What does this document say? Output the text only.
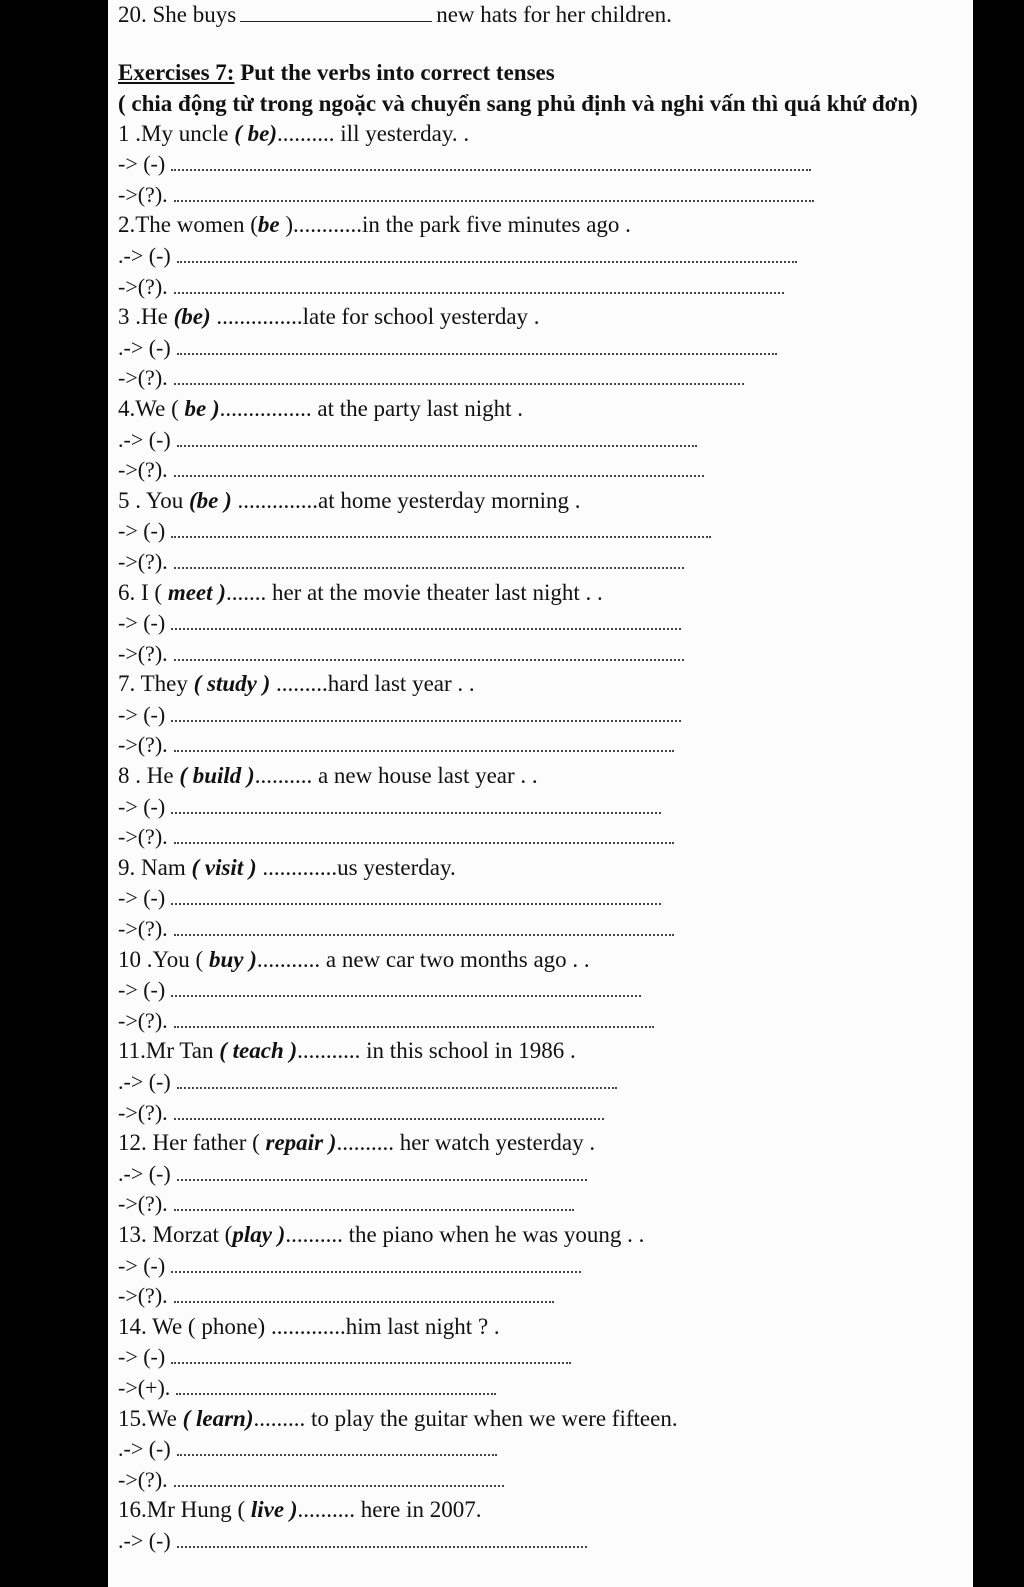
20. She buys	new hats for her children.
Exercises 7: Put the verbs into correct tenses
( chia động từ trong ngoặc và chuyển sang phủ định và nghi vấn thì quá khứ đơn)
1 .My uncle ( be).......... ill yesterday. .
-> (-)
->(?).
2.The women (be )............in the park five minutes ago .
.-> (-)
->(?).
3 .He (be) ...............late for school yesterday .
.-> (-)
->(?).
4.We ( be )................ at the party last night .
.-> (-)
->(?).
5 . You (be ) ..............at home yesterday morning .
-> (-)
->(?).
6. I ( meet )....... her at the movie theater last night . .
-> (-)
->(?).
7. They ( study ) .........hard last year . .
-> (-)
->(?).
8 . He ( build ).......... a new house last year . .
-> (-)
->(?).
9. Nam ( visit ) .............us yesterday.
-> (-)
->(?).
10 .You ( buy )........... a new car two months ago . .
-> (-)
->(?).
11.Mr Tan ( teach )........... in this school in 1986 .
.-> (-)
->(?).
12. Her father ( repair ).......... her watch yesterday .
.-> (-)
->(?).
13. Morzat (play ).......... the piano when he was young . .
-> (-)
->(?).
14. We ( phone) .............him last night ? .
-> (-)
->(+).
15.We ( learn)......... to play the guitar when we were fifteen.
.-> (-)
->(?).
16.Mr Hung ( live ).......... here in 2007.
.-> (-)
